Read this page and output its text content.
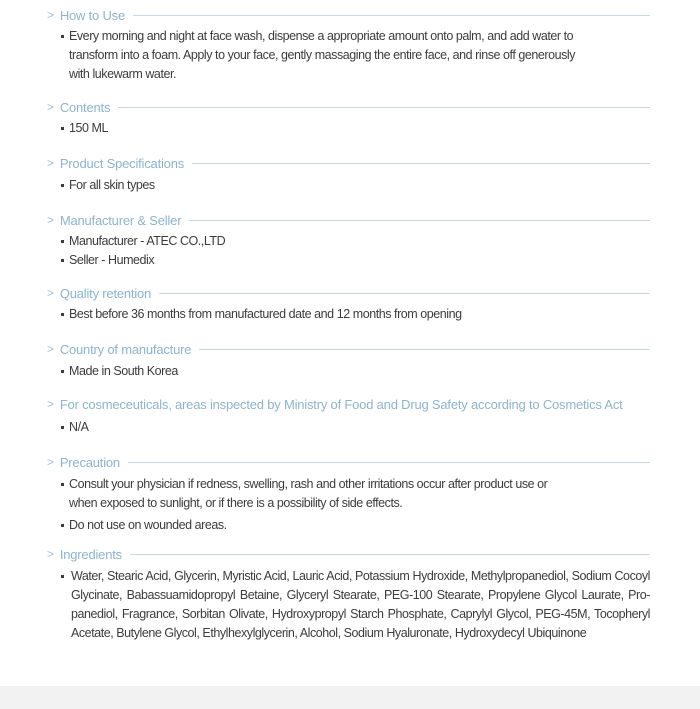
> How to Use
Every morning and night at face wash, dispense a appropriate amount onto palm, and add water to transform into a foam. Apply to your face, gently massaging the entire face, and rinse off generously with lukewarm water.
> Contents
150 ML
> Product Specifications
For all skin types
> Manufacturer & Seller
Manufacturer - ATEC CO.,LTD
Seller - Humedix
> Quality retention
Best before 36 months from manufactured date and 12 months from opening
> Country of manufacture
Made in South Korea
> For cosmeceuticals, areas inspected by Ministry of Food and Drug Safety according to Cosmetics Act
N/A
> Precaution
Consult your physician if redness, swelling, rash and other irritations occur after product use or when exposed to sunlight, or if there is a possibility of side effects.
Do not use on wounded areas.
> Ingredients
Water, Stearic Acid, Glycerin, Myristic Acid, Lauric Acid, Potassium Hydroxide, Methylpropanediol, Sodium Cocoyl Glycinate, Babassuamidopropyl Betaine, Glyceryl Stearate, PEG-100 Stearate, Propylene Glycol Laurate, Pro-panediol, Fragrance, Sorbitan Olivate, Hydroxypropyl Starch Phosphate, Caprylyl Glycol, PEG-45M, Tocopheryl Acetate, Butylene Glycol, Ethylhexylglycerin, Alcohol, Sodium Hyaluronate, Hydroxydecyl Ubiquinone
